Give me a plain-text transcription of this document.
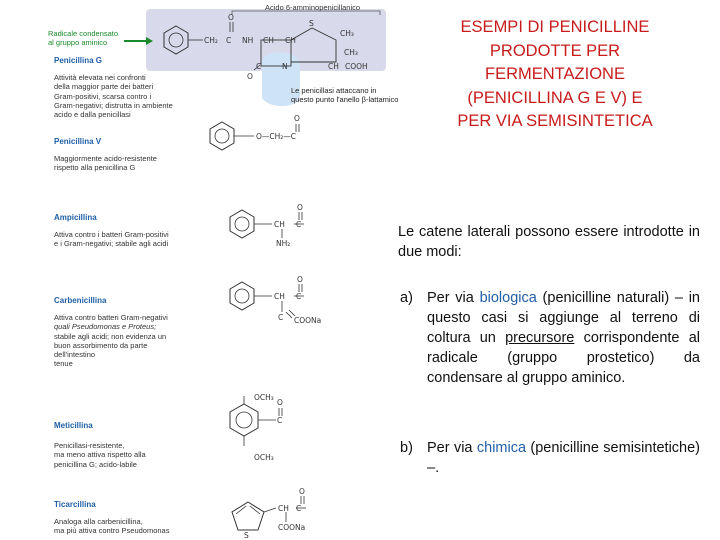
CH₂ C
O
NH CH CH
S
CH₃
CH₃
N	CH COOH
C
O
O—CH₂—C
O
CH C
O
NH₂
CH C
O
C COONa
OCH₃
OCH₃
C
O
CH C
O
COONa
S
Acido 6-amminopenicillanico
Radicale condensato
al gruppo aminico
Le penicillasi attaccano in
questo punto l'anello β-lattamico
Penicillina G
Attività elevata nei confronti
della maggior parte dei batteri
Gram-positivi, scarsa contro i
Gram-negativi; distrutta in ambiente
acido e dalla penicillasi
Penicillina V
Maggiormente acido-resistente
rispetto alla penicillina G
Ampicillina
Attiva contro i batteri Gram-positivi
e i Gram-negativi; stabile agli acidi
Carbenicillina
Attiva contro batteri Gram-negativi
quali Pseudomonas e Proteus;
stabile agli acidi; non evidenza un
buon assorbimento da parte dell'intestino
tenue
Meticillina
Penicillasi-resistente,
ma meno attiva rispetto alla
penicillina G; acido-labile
Ticarcillina
Analoga alla carbenicillina,
ma più attiva contro Pseudomonas
ESEMPI DI PENICILLINE
PRODOTTE PER
FERMENTAZIONE
(PENICILLINA G E V) E
PER VIA SEMISINTETICA
Le catene laterali possono essere introdotte in due modi:
a) Per via biologica (penicilline naturali) – in questo casi si aggiunge al terreno di coltura un precursore corrispondente al radicale (gruppo prostetico) da condensare al gruppo aminico.
b) Per via chimica (penicilline semisintetiche) –.
